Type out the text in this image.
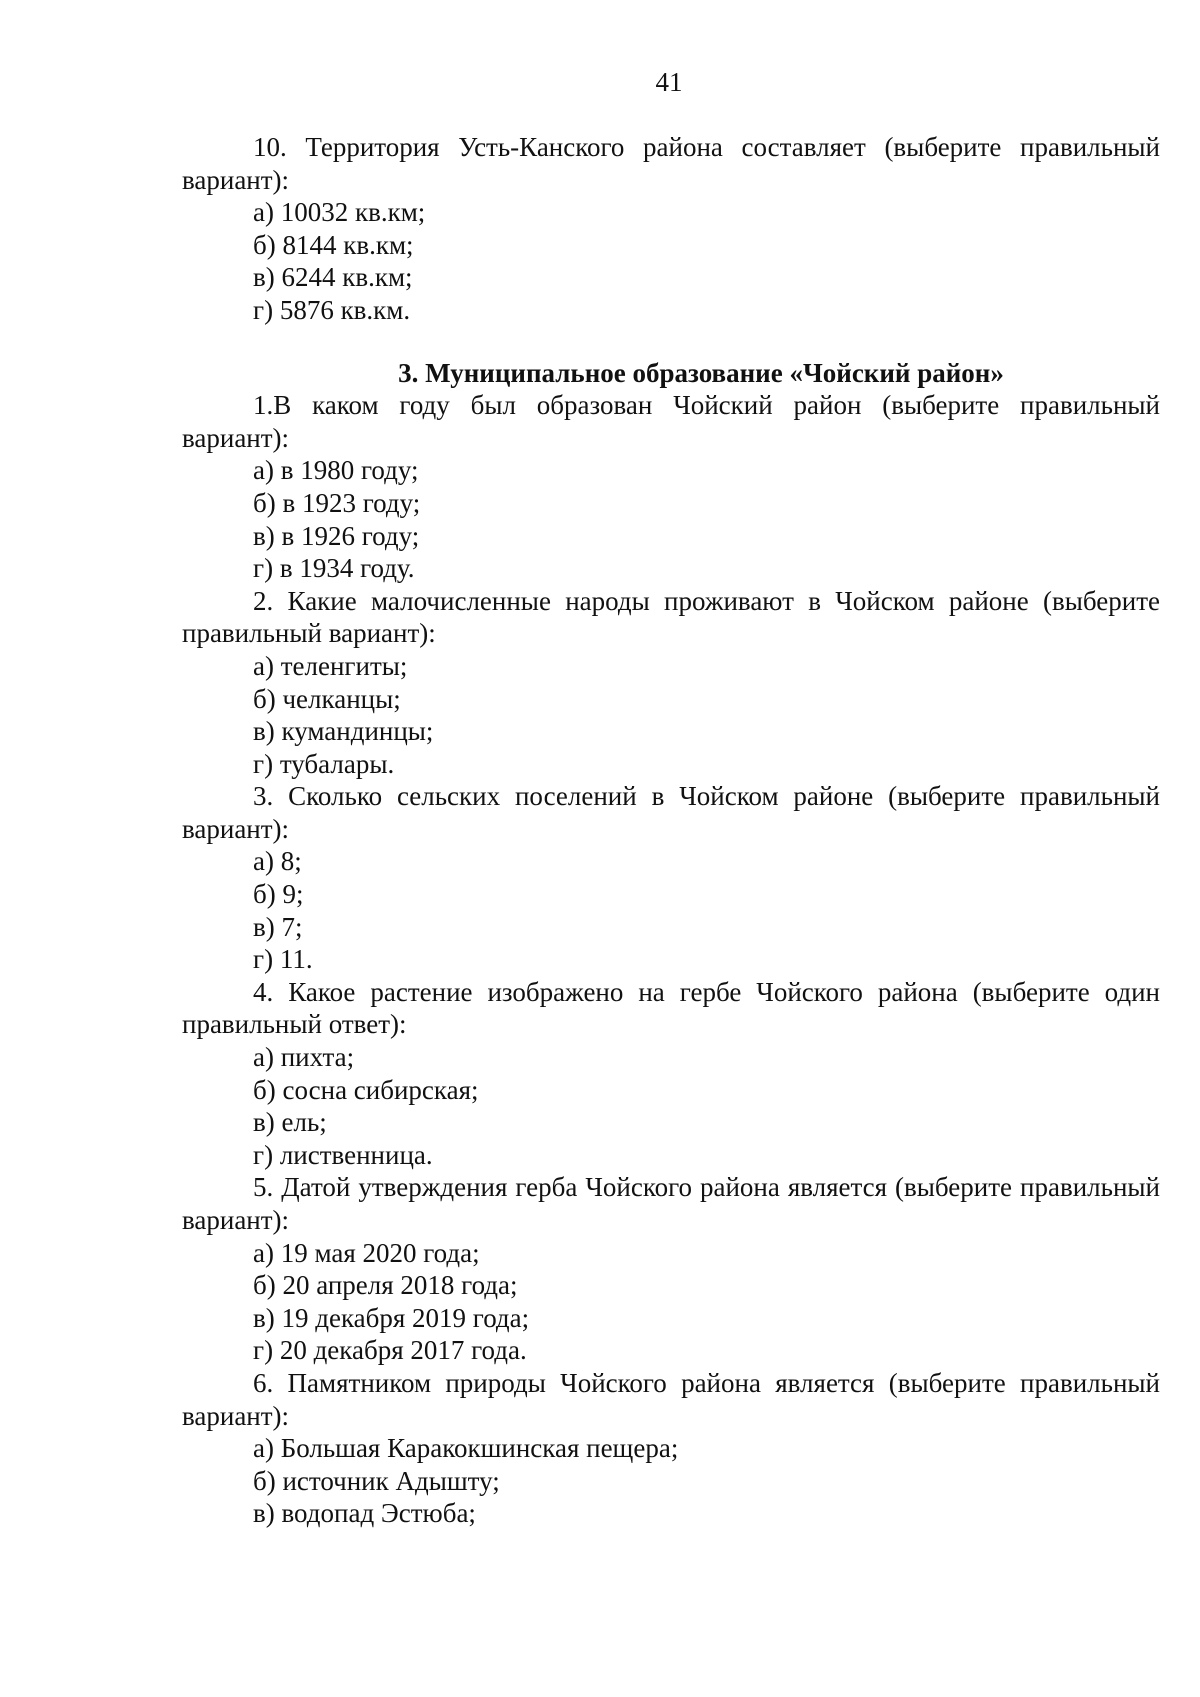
41

10. Территория Усть-Канского района составляет (выберите правильный вариант):

а) 10032 кв.км;

б) 8144 кв.км;

в) 6244 кв.км;

г) 5876 кв.км.

3. Муниципальное образование «Чойский район»

1.В каком году был образован Чойский район (выберите правильный вариант):

а) в 1980 году;

б) в 1923 году;

в) в 1926 году;

г) в 1934 году.

2. Какие малочисленные народы проживают в Чойском районе (выберите правильный вариант):

а) теленгиты;

б) челканцы;

в) кумандинцы;

г) тубалары.

3. Сколько сельских поселений в Чойском районе (выберите правильный вариант):

а) 8;

б) 9;

в) 7;

г) 11.

4. Какое растение изображено на гербе Чойского района (выберите один правильный ответ):

а) пихта;

б) сосна сибирская;

в) ель;

г) лиственница.

5. Датой утверждения герба Чойского района является (выберите правильный вариант):

а) 19 мая 2020 года;

б) 20 апреля 2018 года;

в) 19 декабря 2019 года;

г) 20 декабря 2017 года.

6. Памятником природы Чойского района является (выберите правильный вариант):

а) Большая Каракокшинская пещера;

б) источник Адышту;

в) водопад Эстюба;
